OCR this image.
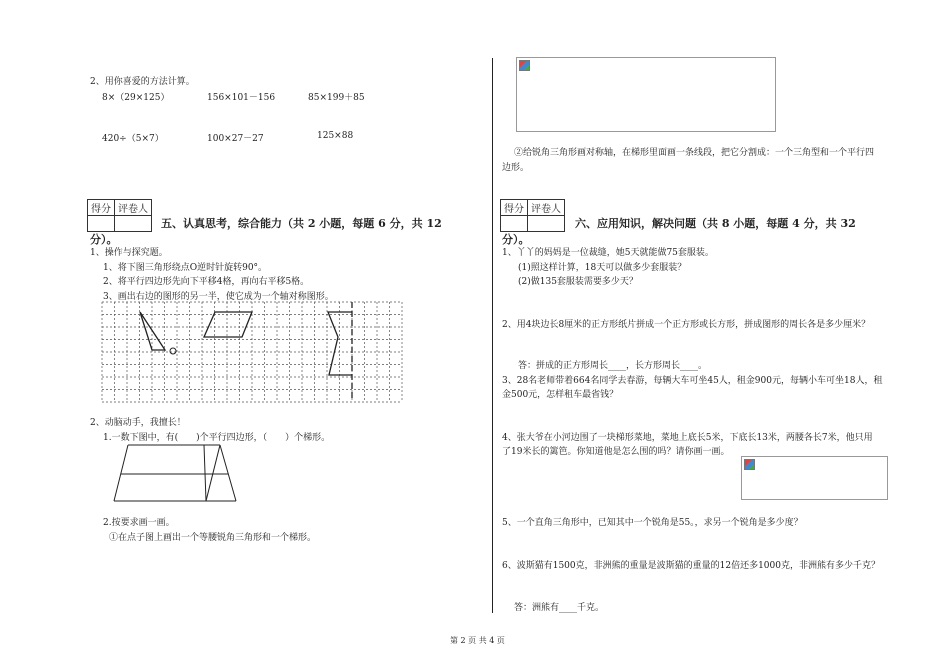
2、用你喜爱的方法计算。
8×（29×125）	156×101－156	85×199＋85
420÷（5×7）	100×27－27	125×88
得分	评卷人

五、认真思考，综合能力（共 2 小题，每题 6 分，共 12
分）。
1、操作与探究题。
1、将下图三角形绕点O逆时针旋转90°。
2、将平行四边形先向下平移4格，再向右平移5格。
3、画出右边的图形的另一半，使它成为一个轴对称图形。
2、动脑动手，我擅长！
1.一数下图中，有(　　)个平行四边形，（　　）个梯形。
2.按要求画一画。
①在点子图上画出一个等腰锐角三角形和一个梯形。
②给锐角三角形画对称轴，在梯形里面画一条线段，把它分割成：一个三角型和一个平行四
边形。
得分	评卷人

六、应用知识，解决问题（共 8 小题，每题 4 分，共 32
分）。
1、丫丫的妈妈是一位裁缝，她5天就能做75套服装。
(1)照这样计算，18天可以做多少套服装？
(2)做135套服装需要多少天？
2、用4块边长8厘米的正方形纸片拼成一个正方形或长方形，拼成图形的周长各是多少厘米？
答：拼成的正方形周长____，长方形周长____。
3、28名老师带着664名同学去春游，每辆大车可坐45人，租金900元，每辆小车可坐18人，租
金500元，怎样租车最省钱？
4、张大爷在小河边围了一块梯形菜地，菜地上底长5米，下底长13米，两腰各长7米，他只用
了19米长的篱笆。你知道他是怎么围的吗？请你画一画。
5、一个直角三角形中，已知其中一个锐角是55。，求另一个锐角是多少度？
6、波斯猫有1500克，非洲熊的重量是波斯猫的重量的12倍还多1000克，非洲熊有多少千克？
答：洲熊有____千克。
第 2 页 共 4 页
